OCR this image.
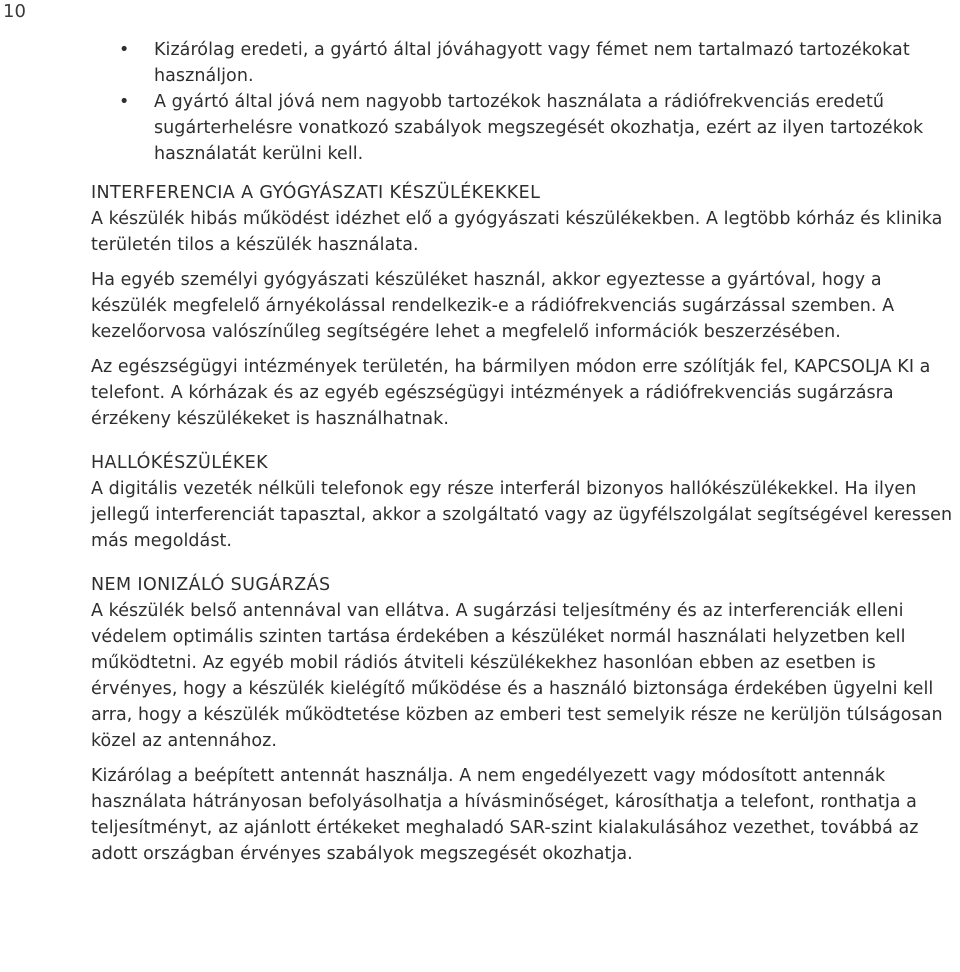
10
• Kizárólag eredeti, a gyártó által jóváhagyott vagy fémet nem tartalmazó tartozékokat használjon.
• A gyártó által jóvá nem nagyobb tartozékok használata a rádiófrekvenciás eredetű sugárterhelésre vonatkozó szabályok megszegését okozhatja, ezért az ilyen tartozékok használatát kerülni kell.
INTERFERENCIA A GYÓGYÁSZATI KÉSZÜLÉKEKKEL

A készülék hibás működést idézhet elő a gyógyászati készülékekben. A legtöbb kórház és klinika területén tilos a készülék használata.

Ha egyéb személyi gyógyászati készüléket használ, akkor egyeztesse a gyártóval, hogy a készülék megfelelő árnyékolással rendelkezik-e a rádiófrekvenciás sugárzással szemben. A kezelőorvosa valószínűleg segítségére lehet a megfelelő információk beszerzésében.

Az egészségügyi intézmények területén, ha bármilyen módon erre szólítják fel, KAPCSOLJA KI a telefont. A kórházak és az egyéb egészségügyi intézmények a rádiófrekvenciás sugárzásra érzékeny készülékeket is használhatnak.

HALLÓKÉSZÜLÉKEK

A digitális vezeték nélküli telefonok egy része interferál bizonyos hallókészülékekkel. Ha ilyen jellegű interferenciát tapasztal, akkor a szolgáltató vagy az ügyfélszolgálat segítségével keressen más megoldást.

NEM IONIZÁLÓ SUGÁRZÁS

A készülék belső antennával van ellátva. A sugárzási teljesítmény és az interferenciák elleni védelem optimális szinten tartása érdekében a készüléket normál használati helyzetben kell működtetni. Az egyéb mobil rádiós átviteli készülékekhez hasonlóan ebben az esetben is érvényes, hogy a készülék kielégítő működése és a használó biztonsága érdekében ügyelni kell arra, hogy a készülék működtetése közben az emberi test semelyik része ne kerüljön túlságosan közel az antennához.

Kizárólag a beépített antennát használja. A nem engedélyezett vagy módosított antennák használata hátrányosan befolyásolhatja a hívásminőséget, károsíthatja a telefont, ronthatja a teljesítményt, az ajánlott értékeket meghaladó SAR-szint kialakulásához vezethet, továbbá az adott országban érvényes szabályok megszegését okozhatja.
